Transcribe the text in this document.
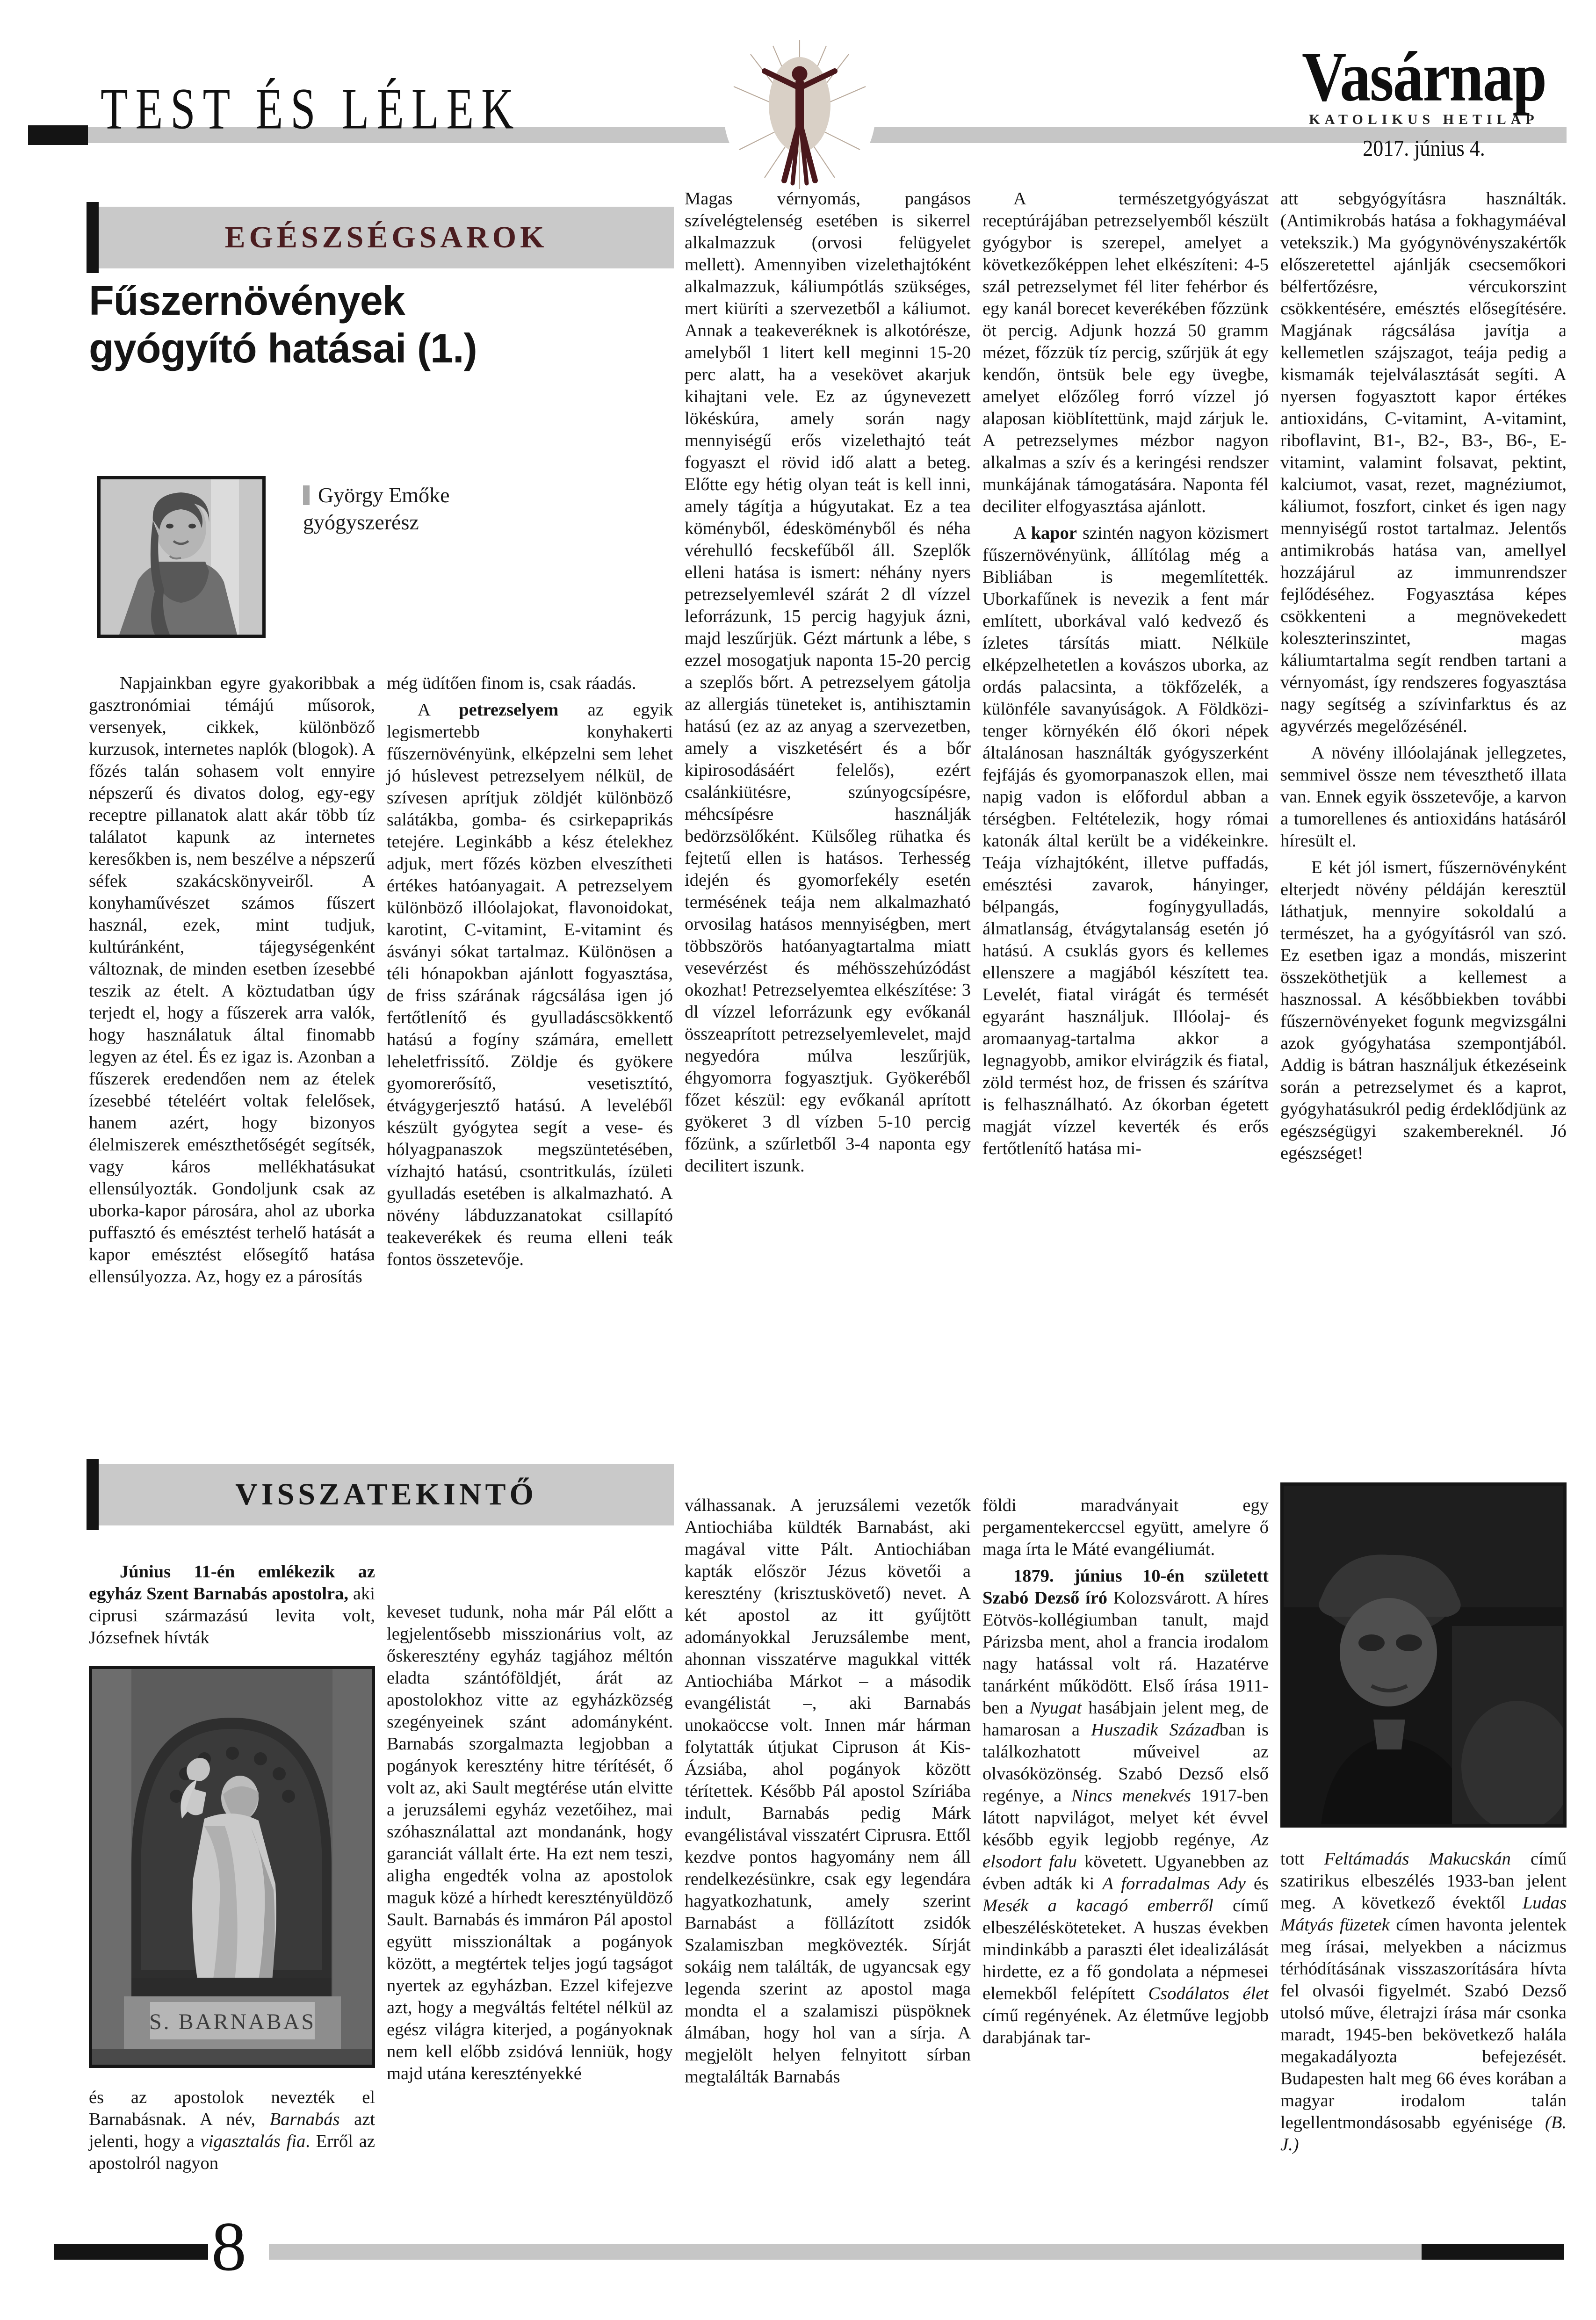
TEST ÉS LÉLEK	Vasárnap
KATOLIKUS HETILAP
2017. június 4.
EGÉSZSÉGSAROK
Fűszernövények
gyógyító hatásai (1.)
György Emőke
gyógyszerész

Napjainkban egyre gyakoribbak a gasztronómiai témájú műsorok, versenyek, cikkek, különböző kurzusok, internetes naplók (blogok). A főzés talán sohasem volt ennyire népszerű és divatos dolog, egy-egy receptre pillanatok alatt akár több tíz találatot kapunk az internetes keresőkben is, nem beszélve a népszerű séfek szakácskönyveiről. A konyhaművészet számos fűszert használ, ezek, mint tudjuk, kultúránként, tájegységenként változnak, de minden esetben ízesebbé teszik az ételt. A köztudatban úgy terjedt el, hogy a fűszerek arra valók, hogy használatuk által finomabb legyen az étel. És ez igaz is. Azonban a fűszerek eredendően nem az ételek ízesebbé tételéért voltak felelősek, hanem azért, hogy bizonyos élelmiszerek emészthetőségét segítsék, vagy káros mellékhatásukat ellensúlyozták. Gondoljunk csak az uborka-kapor párosára, ahol az uborka puffasztó és emésztést terhelő hatását a kapor emésztést elősegítő hatása ellensúlyozza. Az, hogy ez a párosítás

még üdítően finom is, csak ráadás.

A petrezselyem az egyik legismertebb konyhakerti fűszernövényünk, elképzelni sem lehet jó húslevest petrezselyem nélkül, de szívesen aprítjuk zöldjét különböző salátákba, gomba- és csirkepaprikás tetejére. Leginkább a kész ételekhez adjuk, mert főzés közben elveszítheti értékes hatóanyagait. A petrezselyem különböző illóolajokat, flavonoidokat, karotint, C-vitamint, E-vitamint és ásványi sókat tartalmaz. Különösen a téli hónapokban ajánlott fogyasztása, de friss szárának rágcsálása igen jó fertőtlenítő és gyulladáscsökkentő hatású a fogíny számára, emellett leheletfrissítő. Zöldje és gyökere gyomorerősítő, vesetisztító, étvágygerjesztő hatású. A leveléből készült gyógytea segít a vese- és hólyagpanaszok megszüntetésében, vízhajtó hatású, csontritkulás, ízületi gyulladás esetében is alkalmazható. A növény lábduzzanatokat csillapító teakeverékek és reuma elleni teák fontos összetevője.

Magas vérnyomás, pangásos szívelégtelenség esetében is sikerrel alkalmazzuk (orvosi felügyelet mellett). Amennyiben vizelethajtóként alkalmazzuk, káliumpótlás szükséges, mert kiüríti a szervezetből a káliumot. Annak a teakeveréknek is alkotórésze, amelyből 1 litert kell meginni 15-20 perc alatt, ha a vesekövet akarjuk kihajtani vele. Ez az úgynevezett lökéskúra, amely során nagy mennyiségű erős vizelethajtó teát fogyaszt el rövid idő alatt a beteg. Előtte egy hétig olyan teát is kell inni, amely tágítja a húgyutakat. Ez a tea köményből, édesköményből és néha vérehulló fecskefűből áll. Szeplők elleni hatása is ismert: néhány nyers petrezselyemlevél szárát 2 dl vízzel leforrázunk, 15 percig hagyjuk ázni, majd leszűrjük. Gézt mártunk a lébe, s ezzel mosogatjuk naponta 15-20 percig a szeplős bőrt. A petrezselyem gátolja az allergiás tüneteket is, antihisztamin hatású (ez az az anyag a szervezetben, amely a viszketésért és a bőr kipirosodásáért felelős), ezért csalánkiütésre, szúnyogcsípésre, méhcsípésre használják bedörzsölőként. Külsőleg rühatka és fejtetű ellen is hatásos. Terhesség idején és gyomorfekély esetén termésének teája nem alkalmazható orvosilag hatásos mennyiségben, mert többszörös hatóanyagtartalma miatt vesevérzést és méhösszehúzódást okozhat! Petrezselyemtea elkészítése: 3 dl vízzel leforrázunk egy evőkanál összeaprított petrezselyemlevelet, majd negyedóra múlva leszűrjük, éhgyomorra fogyasztjuk. Gyökeréből főzet készül: egy evőkanál aprított gyökeret 3 dl vízben 5-10 percig főzünk, a szűrletből 3-4 naponta egy decilitert iszunk.

A természetgyógyászat receptúrájában petrezselyemből készült gyógybor is szerepel, amelyet a következőképpen lehet elkészíteni: 4-5 szál petrezselymet fél liter fehérbor és egy kanál borecet keverékében főzzünk öt percig. Adjunk hozzá 50 gramm mézet, főzzük tíz percig, szűrjük át egy kendőn, öntsük bele egy üvegbe, amelyet előzőleg forró vízzel jó alaposan kiöblítettünk, majd zárjuk le. A petrezselymes mézbor nagyon alkalmas a szív és a keringési rendszer munkájának támogatására. Naponta fél deciliter elfogyasztása ajánlott.

A kapor szintén nagyon közismert fűszernövényünk, állítólag még a Bibliában is megemlítették. Uborkafűnek is nevezik a fent már említett, uborkával való kedvező és ízletes társítás miatt. Nélküle elképzelhetetlen a kovászos uborka, az ordás palacsinta, a tökfőzelék, a különféle savanyúságok. A Földközi-tenger környékén élő ókori népek általánosan használták gyógyszerként fejfájás és gyomorpanaszok ellen, mai napig vadon is előfordul abban a térségben. Feltételezik, hogy római katonák által került be a vidékeinkre. Teája vízhajtóként, illetve puffadás, emésztési zavarok, hányinger, bélpangás, fogínygyulladás, álmatlanság, étvágytalanság esetén jó hatású. A csuklás gyors és kellemes ellenszere a magjából készített tea. Levelét, fiatal virágát és termését egyaránt használjuk. Illóolaj- és aromaanyag-tartalma akkor a legnagyobb, amikor elvirágzik és fiatal, zöld termést hoz, de frissen és szárítva is felhasználható. Az ókorban égetett magját vízzel keverték és erős fertőtlenítő hatása mi-

att sebgyógyításra használták. (Antimikrobás hatása a fokhagymáéval vetekszik.) Ma gyógynövényszakértők előszeretettel ajánlják csecsemőkori bélfertőzésre, vércukorszint csökkentésére, emésztés elősegítésére. Magjának rágcsálása javítja a kellemetlen szájszagot, teája pedig a kismamák tejelválasztását segíti. A nyersen fogyasztott kapor értékes antioxidáns, C-vitamint, A-vitamint, riboflavint, B1-, B2-, B3-, B6-, E-vitamint, valamint folsavat, pektint, kalciumot, vasat, rezet, magnéziumot, káliumot, foszfort, cinket és igen nagy mennyiségű rostot tartalmaz. Jelentős antimikrobás hatása van, amellyel hozzájárul az immunrendszer fejlődéséhez. Fogyasztása képes csökkenteni a megnövekedett koleszterinszintet, magas káliumtartalma segít rendben tartani a vérnyomást, így rendszeres fogyasztása nagy segítség a szívinfarktus és az agyvérzés megelőzésénél.

A növény illóolajának jellegzetes, semmivel össze nem téveszthető illata van. Ennek egyik összetevője, a karvon a tumorellenes és antioxidáns hatásáról híresült el.

E két jól ismert, fűszernövényként elterjedt növény példáján keresztül láthatjuk, mennyire sokoldalú a természet, ha a gyógyításról van szó. Ez esetben igaz a mondás, miszerint összeköthetjük a kellemest a hasznossal. A későbbiekben további fűszernövényeket fogunk megvizsgálni azok gyógyhatása szempontjából. Addig is bátran használjuk étkezéseink során a petrezselymet és a kaprot, gyógyhatásukról pedig érdeklődjünk az egészségügyi szakembereknél. Jó egészséget!

VISSZATEKINTŐ

Június 11-én emlékezik az egyház Szent Barnabás apostolra, aki ciprusi származású levita volt, Józsefnek hívták

S. BARNABAS

és az apostolok nevezték el Barnabásnak. A név, Barnabás azt jelenti, hogy a vigasztalás fia. Erről az apostolról nagyon

keveset tudunk, noha már Pál előtt a legjelentősebb misszionárius volt, az őskeresztény egyház tagjához méltón eladta szántóföldjét, árát az apostolokhoz vitte az egyházközség szegényeinek szánt adományként. Barnabás szorgalmazta legjobban a pogányok keresztény hitre térítését, ő volt az, aki Sault megtérése után elvitte a jeruzsálemi egyház vezetőihez, mai szóhasználattal azt mondanánk, hogy garanciát vállalt érte. Ha ezt nem teszi, aligha engedték volna az apostolok maguk közé a hírhedt keresztényüldöző Sault. Barnabás és immáron Pál apostol együtt misszionáltak a pogányok között, a megtértek teljes jogú tagságot nyertek az egyházban. Ezzel kifejezve azt, hogy a megváltás feltétel nélkül az egész világra kiterjed, a pogányoknak nem kell előbb zsidóvá lenniük, hogy majd utána keresztényekké

válhassanak. A jeruzsálemi vezetők Antiochiába küldték Barnabást, aki magával vitte Pált. Antiochiában kapták először Jézus követői a keresztény (krisztuskövető) nevet. A két apostol az itt gyűjtött adományokkal Jeruzsálembe ment, ahonnan visszatérve magukkal vitték Antiochiába Márkot – a második evangélistát –, aki Barnabás unokaöccse volt. Innen már hárman folytatták útjukat Cipruson át Kis-Ázsiába, ahol pogányok között térítettek. Később Pál apostol Szíriába indult, Barnabás pedig Márk evangélistával visszatért Ciprusra. Ettől kezdve pontos hagyomány nem áll rendelkezésünkre, csak egy legendára hagyatkozhatunk, amely szerint Barnabást a föllázított zsidók Szalamiszban megkövezték. Sírját sokáig nem találták, de ugyancsak egy legenda szerint az apostol maga mondta el a szalamiszi püspöknek álmában, hogy hol van a sírja. A megjelölt helyen felnyitott sírban megtalálták Barnabás

földi maradványait egy pergamentekerccsel együtt, amelyre ő maga írta le Máté evangéliumát.

1879. június 10-én született Szabó Dezső író Kolozsvárott. A híres Eötvös-kollégiumban tanult, majd Párizsba ment, ahol a francia irodalom nagy hatással volt rá. Hazatérve tanárként működött. Első írása 1911-ben a Nyugat hasábjain jelent meg, de hamarosan a Huszadik Században is találkozhatott műveivel az olvasóközönség. Szabó Dezső első regénye, a Nincs menekvés 1917-ben látott napvilágot, melyet két évvel később egyik legjobb regénye, Az elsodort falu követett. Ugyanebben az évben adták ki A forradalmas Ady és Mesék a kacagó emberről című elbeszélésköteteket. A huszas években mindinkább a paraszti élet idealizálását hirdette, ez a fő gondolata a népmesei elemekből felépített Csodálatos élet című regényének. Az életműve legjobb darabjának tar-

tott Feltámadás Makucskán című szatirikus elbeszélés 1933-ban jelent meg. A következő évektől Ludas Mátyás füzetek címen havonta jelentek meg írásai, melyekben a nácizmus térhódításának visszaszorítására hívta fel olvasói figyelmét. Szabó Dezső utolsó műve, életrajzi írása már csonka maradt, 1945-ben bekövetkező halála megakadályozta befejezését. Budapesten halt meg 66 éves korában a magyar irodalom talán legellentmondásosabb egyénisége (B. J.)

8
